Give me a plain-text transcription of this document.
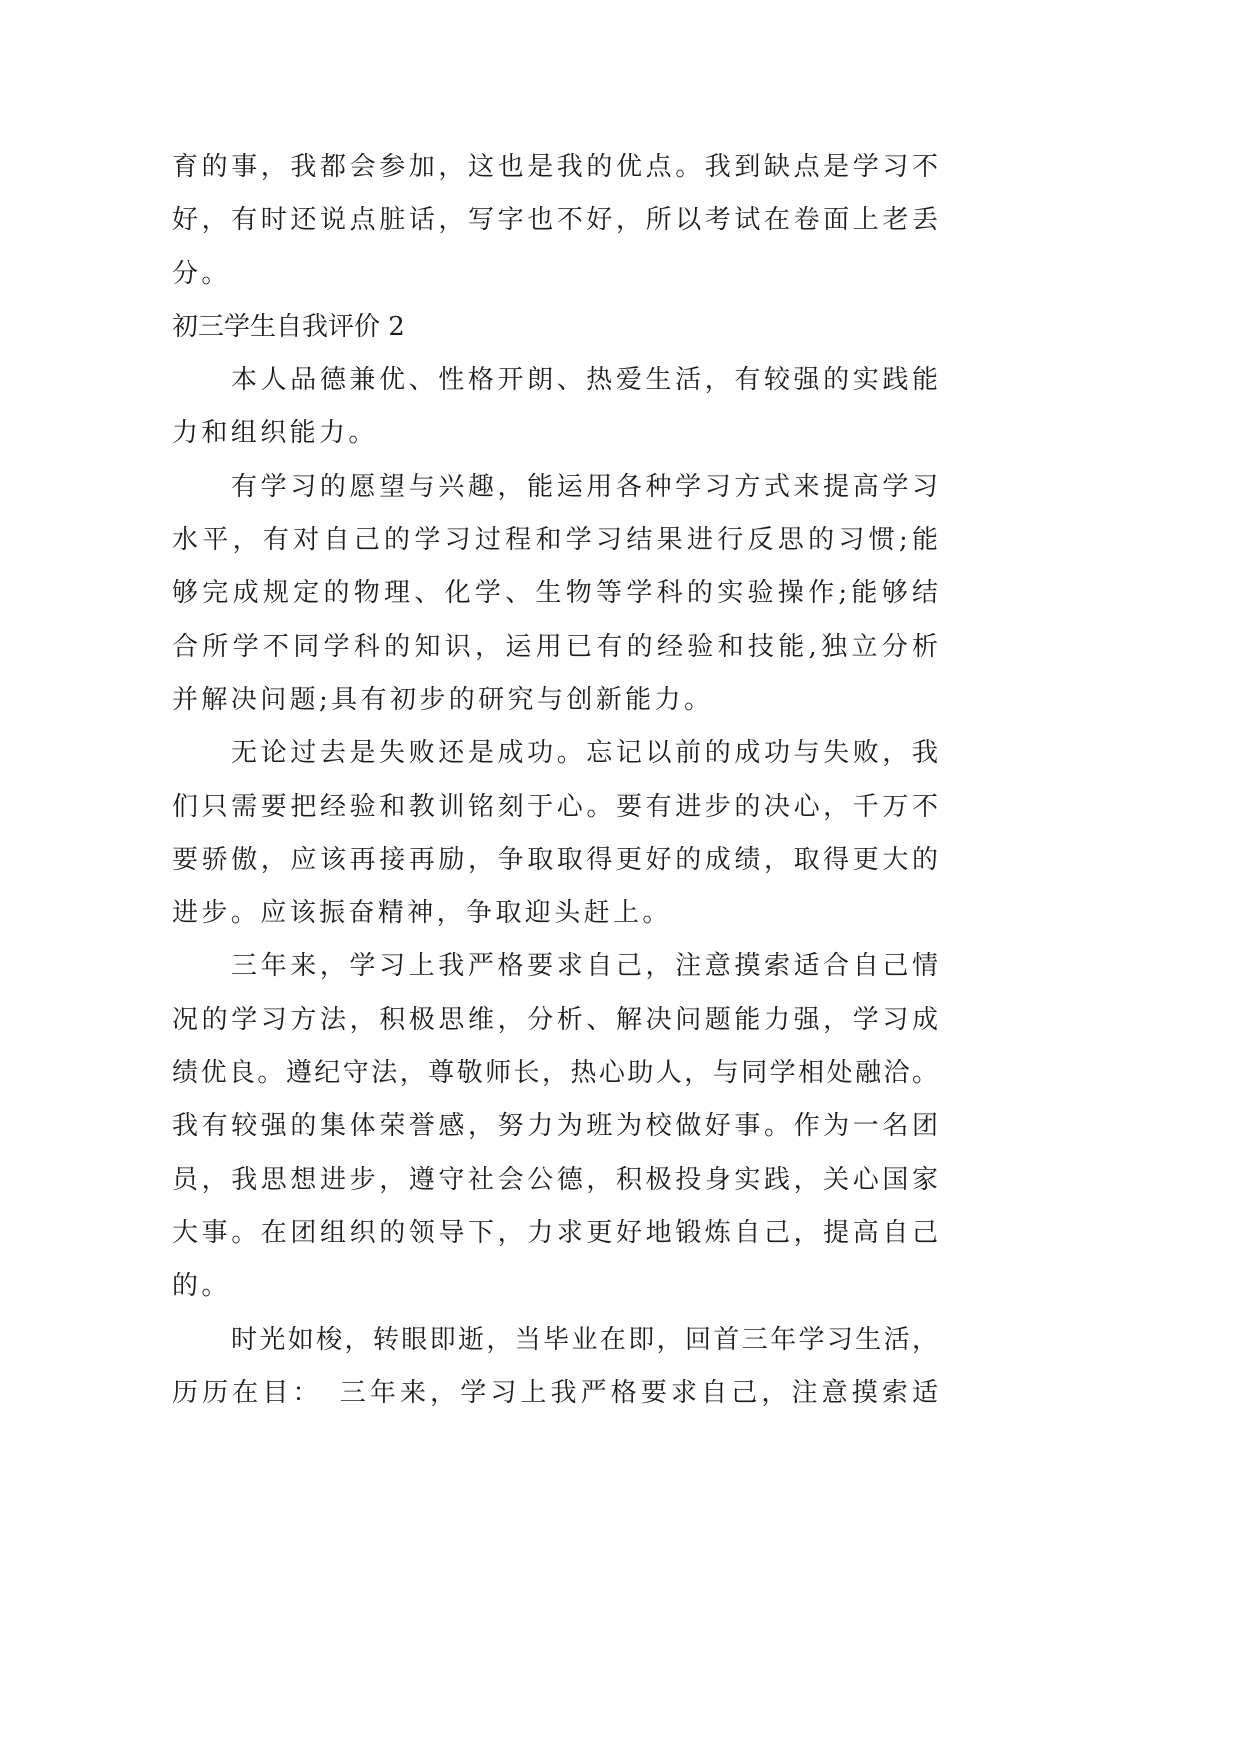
育的事，我都会参加，这也是我的优点。我到缺点是学习不
好，有时还说点脏话，写字也不好，所以考试在卷面上老丢
分。
初三学生自我评价 2
本人品德兼优、性格开朗、热爱生活，有较强的实践能
力和组织能力。
有学习的愿望与兴趣，能运用各种学习方式来提高学习
水平，有对自己的学习过程和学习结果进行反思的习惯;能
够完成规定的物理、化学、生物等学科的实验操作;能够结
合所学不同学科的知识，运用已有的经验和技能,独立分析
并解决问题;具有初步的研究与创新能力。
无论过去是失败还是成功。忘记以前的成功与失败，我
们只需要把经验和教训铭刻于心。要有进步的决心，千万不
要骄傲，应该再接再励，争取取得更好的成绩，取得更大的
进步。应该振奋精神，争取迎头赶上。
三年来，学习上我严格要求自己，注意摸索适合自己情
况的学习方法，积极思维，分析、解决问题能力强，学习成
绩优良。遵纪守法，尊敬师长，热心助人，与同学相处融洽。
我有较强的集体荣誉感，努力为班为校做好事。作为一名团
员，我思想进步，遵守社会公德，积极投身实践，关心国家
大事。在团组织的领导下，力求更好地锻炼自己，提高自己
的。
时光如梭，转眼即逝，当毕业在即，回首三年学习生活，
历历在目：　三年来，学习上我严格要求自己，注意摸索适
